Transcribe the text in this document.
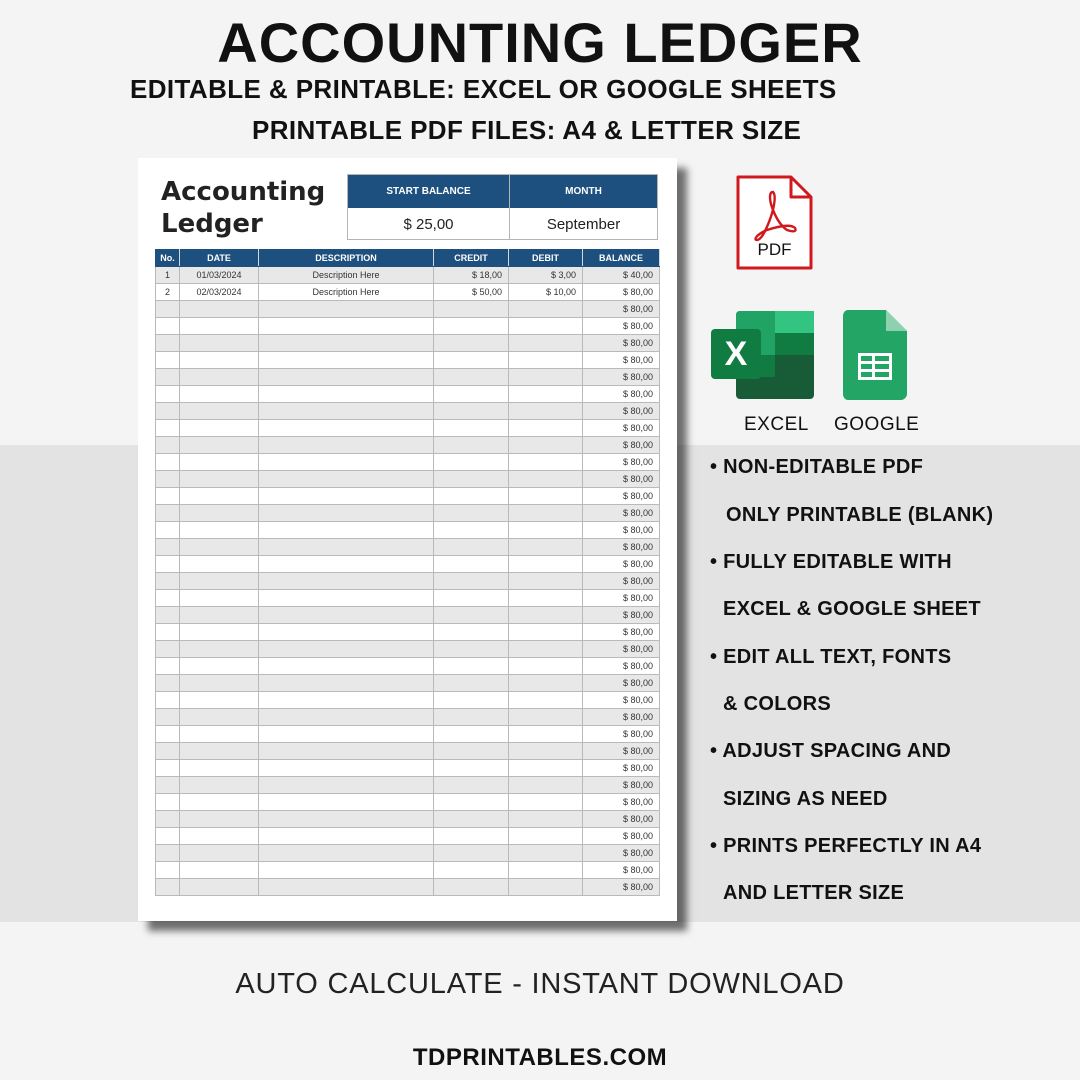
ACCOUNTING LEDGER
EDITABLE & PRINTABLE: EXCEL OR GOOGLE SHEETS
PRINTABLE PDF FILES: A4 & LETTER SIZE
Accounting
Ledger
START BALANCE	MONTH
$ 25,00	September
No.	DATE	DESCRIPTION	CREDIT	DEBIT	BALANCE
1	01/03/2024	Description Here	$ 18,00	$ 3,00	$ 40,00
2	02/03/2024	Description Here	$ 50,00	$ 10,00	$ 80,00
					$ 80,00
					$ 80,00
					$ 80,00
					$ 80,00
					$ 80,00
					$ 80,00
					$ 80,00
					$ 80,00
					$ 80,00
					$ 80,00
					$ 80,00
					$ 80,00
					$ 80,00
					$ 80,00
					$ 80,00
					$ 80,00
					$ 80,00
					$ 80,00
					$ 80,00
					$ 80,00
					$ 80,00
					$ 80,00
					$ 80,00
					$ 80,00
					$ 80,00
					$ 80,00
					$ 80,00
					$ 80,00
					$ 80,00
					$ 80,00
					$ 80,00
					$ 80,00
					$ 80,00
					$ 80,00
					$ 80,00
PDF
X
EXCEL GOOGLE
• NON-EDITABLE PDF
ONLY PRINTABLE (BLANK)
• FULLY EDITABLE WITH
EXCEL & GOOGLE SHEET
• EDIT ALL TEXT, FONTS
& COLORS
• ADJUST SPACING AND
SIZING AS NEED
• PRINTS PERFECTLY IN A4
AND LETTER SIZE
AUTO CALCULATE - INSTANT DOWNLOAD
TDPRINTABLES.COM
